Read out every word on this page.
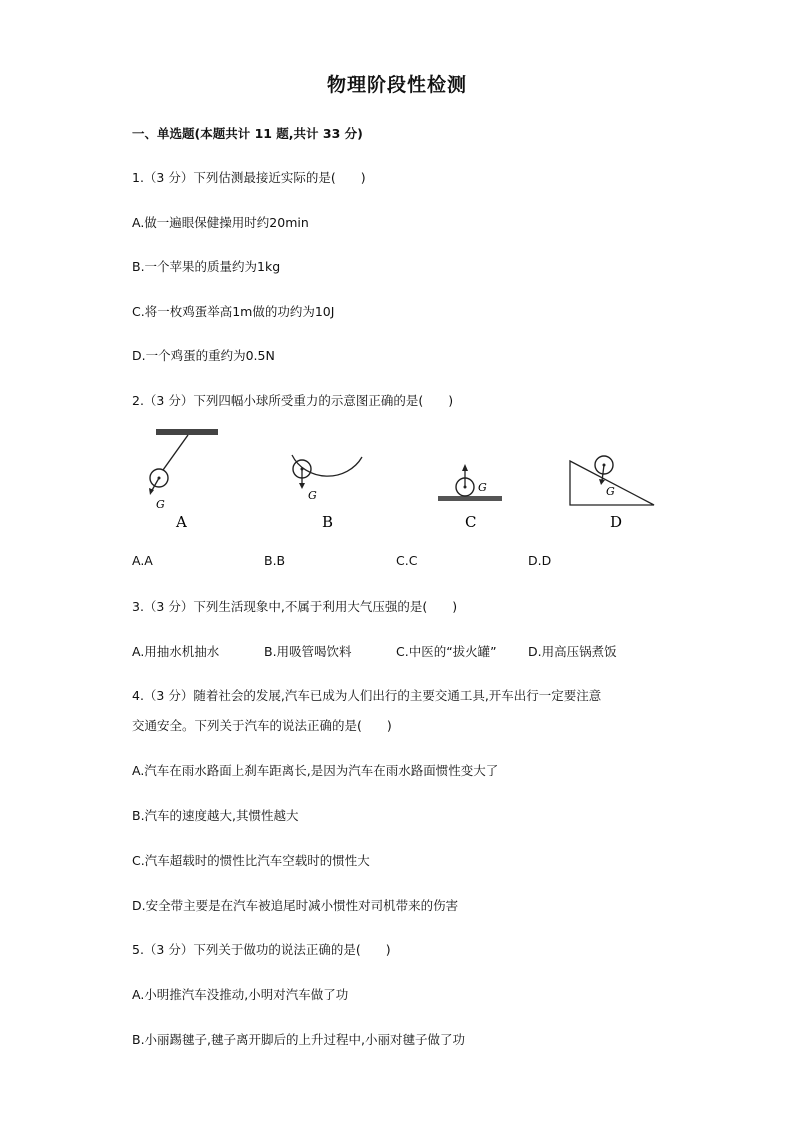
物理阶段性检测
一、单选题(本题共计 11 题,共计 33 分)
1.（3 分）下列估测最接近实际的是(　　)
A.做一遍眼保健操用时约20min
B.一个苹果的质量约为1kg
C.将一枚鸡蛋举高1m做的功约为10J
D.一个鸡蛋的重约为0.5N
2.（3 分）下列四幅小球所受重力的示意图正确的是(　　)
G
A
G
B
G
C
G
D
A.A	B.B	C.C	D.D
3.（3 分）下列生活现象中,不属于利用大气压强的是(　　)
A.用抽水机抽水	B.用吸管喝饮料	C.中医的“拔火罐”	D.用高压锅煮饭
4.（3 分）随着社会的发展,汽车已成为人们出行的主要交通工具,开车出行一定要注意
交通安全。下列关于汽车的说法正确的是(　　)
A.汽车在雨水路面上刹车距离长,是因为汽车在雨水路面惯性变大了
B.汽车的速度越大,其惯性越大
C.汽车超载时的惯性比汽车空载时的惯性大
D.安全带主要是在汽车被追尾时减小惯性对司机带来的伤害
5.（3 分）下列关于做功的说法正确的是(　　)
A.小明推汽车没推动,小明对汽车做了功
B.小丽踢毽子,毽子离开脚后的上升过程中,小丽对毽子做了功
